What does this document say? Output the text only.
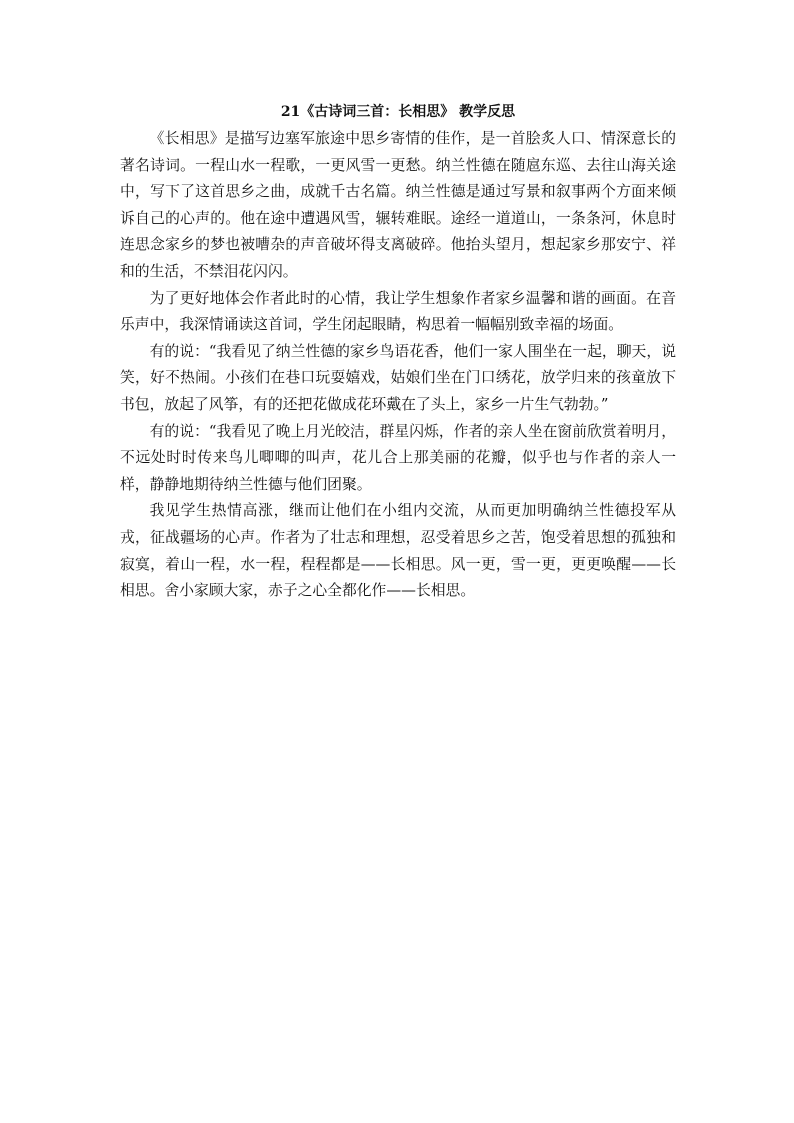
21《古诗词三首：长相思》 教学反思

《长相思》是描写边塞军旅途中思乡寄情的佳作，是一首脍炙人口、情深意长的著名诗词。一程山水一程歌，一更风雪一更愁。纳兰性德在随扈东巡、去往山海关途中，写下了这首思乡之曲，成就千古名篇。纳兰性德是通过写景和叙事两个方面来倾诉自己的心声的。他在途中遭遇风雪，辗转难眠。途经一道道山，一条条河，休息时连思念家乡的梦也被嘈杂的声音破坏得支离破碎。他抬头望月，想起家乡那安宁、祥和的生活，不禁泪花闪闪。

为了更好地体会作者此时的心情，我让学生想象作者家乡温馨和谐的画面。在音乐声中，我深情诵读这首词，学生闭起眼睛，构思着一幅幅别致幸福的场面。

有的说：“我看见了纳兰性德的家乡鸟语花香，他们一家人围坐在一起，聊天，说笑，好不热闹。小孩们在巷口玩耍嬉戏，姑娘们坐在门口绣花，放学归来的孩童放下书包，放起了风筝，有的还把花做成花环戴在了头上，家乡一片生气勃勃。”

有的说：“我看见了晚上月光皎洁，群星闪烁，作者的亲人坐在窗前欣赏着明月，不远处时时传来鸟儿唧唧的叫声，花儿合上那美丽的花瓣，似乎也与作者的亲人一样，静静地期待纳兰性德与他们团聚。

我见学生热情高涨，继而让他们在小组内交流，从而更加明确纳兰性德投军从戎，征战疆场的心声。作者为了壮志和理想，忍受着思乡之苦，饱受着思想的孤独和寂寞，着山一程，水一程，程程都是——长相思。风一更，雪一更，更更唤醒——长相思。舍小家顾大家，赤子之心全都化作——长相思。
